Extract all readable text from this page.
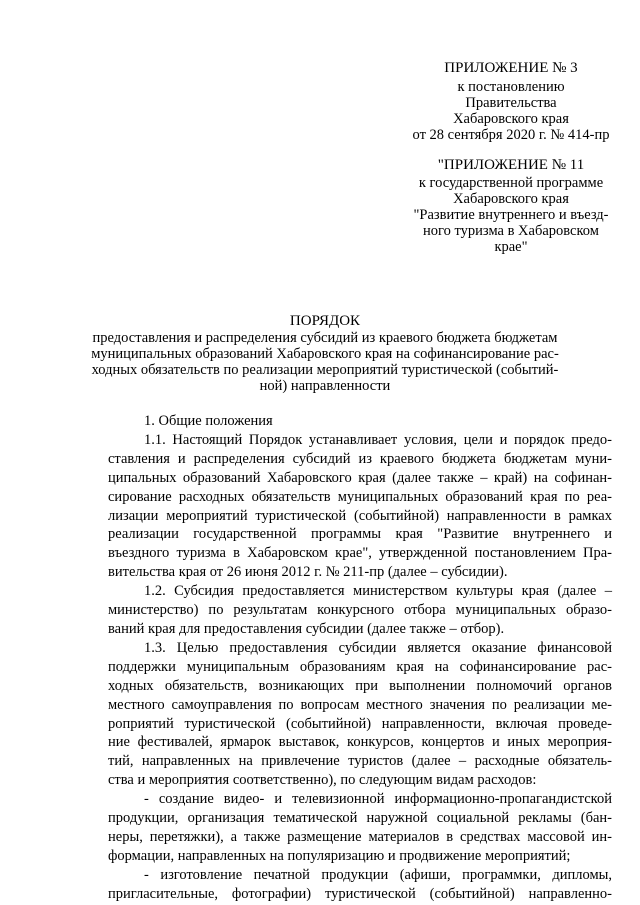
ПРИЛОЖЕНИЕ № 3
к постановлению
Правительства
Хабаровского края
от 28 сентября 2020 г. № 414-пр
"ПРИЛОЖЕНИЕ № 11
к государственной программе
Хабаровского края
"Развитие внутреннего и въезд-
ного туризма в Хабаровском
крае"
ПОРЯДОК
предоставления и распределения субсидий из краевого бюджета бюджетам
муниципальных образований Хабаровского края на софинансирование рас-
ходных обязательств по реализации мероприятий туристической (событий-
ной) направленности
1. Общие положения
1.1. Настоящий Порядок устанавливает условия, цели и порядок предо-
ставления и распределения субсидий из краевого бюджета бюджетам муни-
ципальных образований Хабаровского края (далее также – край) на софинан-
сирование расходных обязательств муниципальных образований края по реа-
лизации мероприятий туристической (событийной) направленности в рамках
реализации государственной программы края "Развитие внутреннего и
въездного туризма в Хабаровском крае", утвержденной постановлением Пра-
вительства края от 26 июня 2012 г. № 211-пр (далее – субсидии).
1.2. Субсидия предоставляется министерством культуры края (далее –
министерство) по результатам конкурсного отбора муниципальных образо-
ваний края для предоставления субсидии (далее также – отбор).
1.3. Целью предоставления субсидии является оказание финансовой
поддержки муниципальным образованиям края на софинансирование рас-
ходных обязательств, возникающих при выполнении полномочий органов
местного самоуправления по вопросам местного значения по реализации ме-
роприятий туристической (событийной) направленности, включая проведе-
ние фестивалей, ярмарок выставок, конкурсов, концертов и иных мероприя-
тий, направленных на привлечение туристов (далее – расходные обязатель-
ства и мероприятия соответственно), по следующим видам расходов:
- создание видео- и телевизионной информационно-пропагандистской
продукции, организация тематической наружной социальной рекламы (бан-
неры, перетяжки), а также размещение материалов в средствах массовой ин-
формации, направленных на популяризацию и продвижение мероприятий;
- изготовление печатной продукции (афиши, программки, дипломы,
пригласительные, фотографии) туристической (событийной) направленно-
